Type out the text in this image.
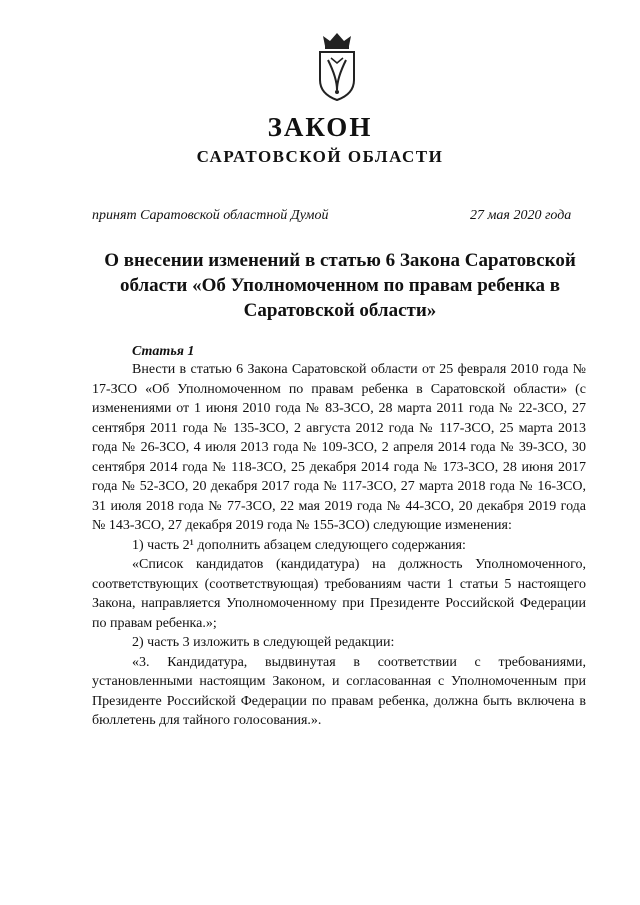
ЗАКОН
САРАТОВСКОЙ ОБЛАСТИ
принят Саратовской областной Думой	27 мая 2020 года
О внесении изменений в статью 6 Закона Саратовской области «Об Уполномоченном по правам ребенка в Саратовской области»
Статья 1

Внести в статью 6 Закона Саратовской области от 25 февраля 2010 года № 17-ЗСО «Об Уполномоченном по правам ребенка в Саратовской области» (с изменениями от 1 июня 2010 года № 83-ЗСО, 28 марта 2011 года № 22-ЗСО, 27 сентября 2011 года № 135-ЗСО, 2 августа 2012 года № 117-ЗСО, 25 марта 2013 года № 26-ЗСО, 4 июля 2013 года № 109-ЗСО, 2 апреля 2014 года № 39-ЗСО, 30 сентября 2014 года № 118-ЗСО, 25 декабря 2014 года № 173-ЗСО, 28 июня 2017 года № 52-ЗСО, 20 декабря 2017 года № 117-ЗСО, 27 марта 2018 года № 16-ЗСО, 31 июля 2018 года № 77-ЗСО, 22 мая 2019 года № 44-ЗСО, 20 декабря 2019 года № 143-ЗСО, 27 декабря 2019 года № 155-ЗСО) следующие изменения:

1) часть 2¹ дополнить абзацем следующего содержания:

«Список кандидатов (кандидатура) на должность Уполномоченного, соответствующих (соответствующая) требованиям части 1 статьи 5 настоящего Закона, направляется Уполномоченному при Президенте Российской Федерации по правам ребенка.»;

2) часть 3 изложить в следующей редакции:

«3. Кандидатура, выдвинутая в соответствии с требованиями, установленными настоящим Законом, и согласованная с Уполномоченным при Президенте Российской Федерации по правам ребенка, должна быть включена в бюллетень для тайного голосования.».
